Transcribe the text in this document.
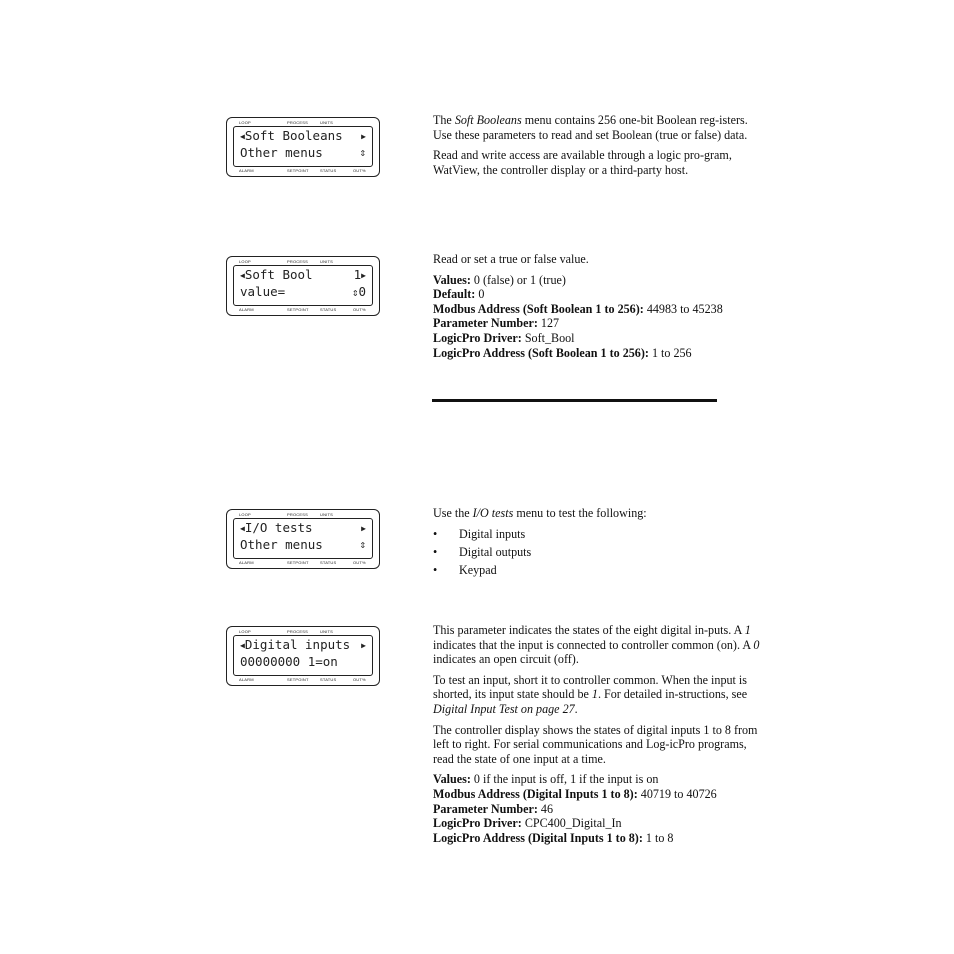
LOOP	PROCESS	UNITS

◀Soft Booleans

▶

Other menus

	⇕

ALARM	SETPOINT	STATUS	OUT%
LOOP	PROCESS	UNITS

◀Soft Bool

	1▶

value=

	⇕0

ALARM	SETPOINT	STATUS	OUT%
LOOP	PROCESS	UNITS

◀I/O tests

	▶

Other menus

	⇕

ALARM	SETPOINT	STATUS	OUT%
LOOP	PROCESS	UNITS

◀Digital inputs

▶

00000000 1=on

ALARM	SETPOINT	STATUS	OUT%

The Soft Booleans menu contains 256 one-bit Boolean reg-isters. Use these parameters to read and set Boolean (true or false) data.

Read and write access are available through a logic pro-gram, WatView, the controller display or a third-party host.

Read or set a true or false value.

Values: 0 (false) or 1 (true)
Default: 0
Modbus Address (Soft Boolean 1 to 256): 44983 to 45238
Parameter Number: 127
LogicPro Driver: Soft_Bool
LogicPro Address (Soft Boolean 1 to 256): 1 to 256

Use the I/O tests menu to test the following:

• Digital inputs
• Digital outputs
• Keypad

This parameter indicates the states of the eight digital in-puts. A 1 indicates that the input is connected to controller common (on). A 0 indicates an open circuit (off).

To test an input, short it to controller common. When the input is shorted, its input state should be 1. For detailed in-structions, see Digital Input Test on page 27.

The controller display shows the states of digital inputs 1 to 8 from left to right. For serial communications and Log-icPro programs, read the state of one input at a time.

Values: 0 if the input is off, 1 if the input is on
Modbus Address (Digital Inputs 1 to 8): 40719 to 40726
Parameter Number: 46
LogicPro Driver: CPC400_Digital_In
LogicPro Address (Digital Inputs 1 to 8): 1 to 8
